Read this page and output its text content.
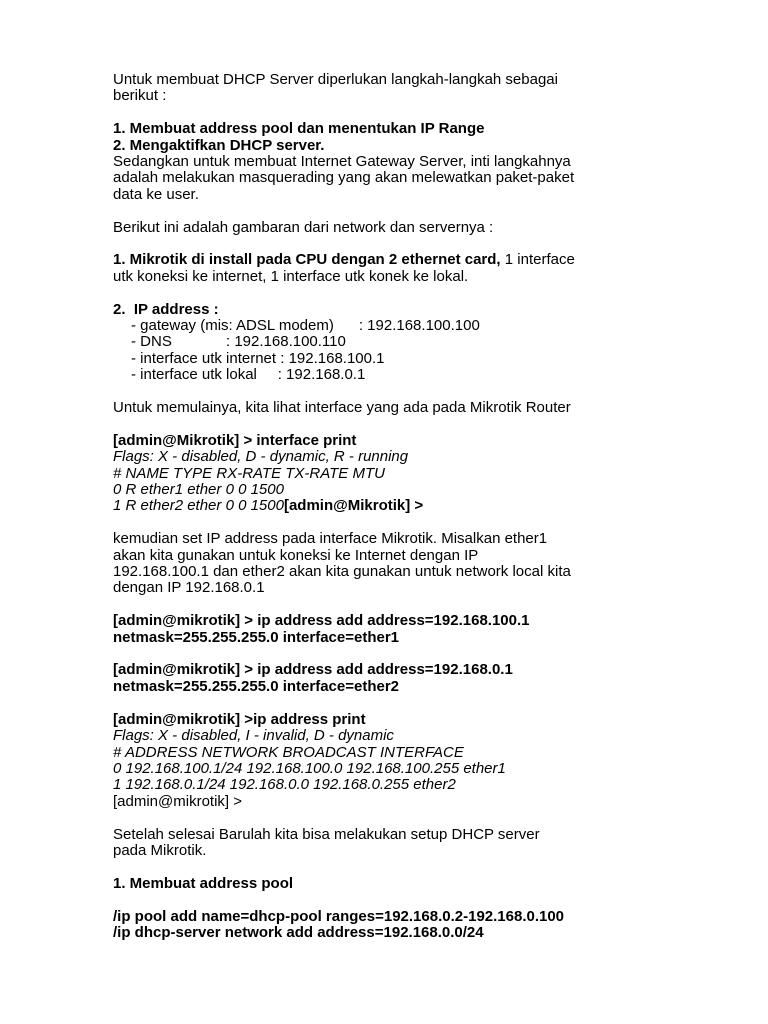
Untuk membuat DHCP Server diperlukan langkah-langkah sebagai
berikut :
1. Membuat address pool dan menentukan IP Range
2. Mengaktifkan DHCP server.
Sedangkan untuk membuat Internet Gateway Server, inti langkahnya
adalah melakukan masquerading yang akan melewatkan paket-paket
data ke user.
Berikut ini adalah gambaran dari network dan servernya :
1. Mikrotik di install pada CPU dengan 2 ethernet card, 1 interface
utk koneksi ke internet, 1 interface utk konek ke lokal.
2.  IP address :
- gateway (mis: ADSL modem)      : 192.168.100.100
- DNS             : 192.168.100.110
- interface utk internet : 192.168.100.1
- interface utk lokal     : 192.168.0.1
Untuk memulainya, kita lihat interface yang ada pada Mikrotik Router
[admin@Mikrotik] > interface print
Flags: X - disabled, D - dynamic, R - running
# NAME TYPE RX-RATE TX-RATE MTU
0 R ether1 ether 0 0 1500
1 R ether2 ether 0 0 1500[admin@Mikrotik] >
kemudian set IP address pada interface Mikrotik. Misalkan ether1
akan kita gunakan untuk koneksi ke Internet dengan IP
192.168.100.1 dan ether2 akan kita gunakan untuk network local kita
dengan IP 192.168.0.1
[admin@mikrotik] > ip address add address=192.168.100.1
netmask=255.255.255.0 interface=ether1
[admin@mikrotik] > ip address add address=192.168.0.1
netmask=255.255.255.0 interface=ether2
[admin@mikrotik] >ip address print
Flags: X - disabled, I - invalid, D - dynamic
# ADDRESS NETWORK BROADCAST INTERFACE
0 192.168.100.1/24 192.168.100.0 192.168.100.255 ether1
1 192.168.0.1/24 192.168.0.0 192.168.0.255 ether2
[admin@mikrotik] >
Setelah selesai Barulah kita bisa melakukan setup DHCP server
pada Mikrotik.
1. Membuat address pool
/ip pool add name=dhcp-pool ranges=192.168.0.2-192.168.0.100
/ip dhcp-server network add address=192.168.0.0/24
